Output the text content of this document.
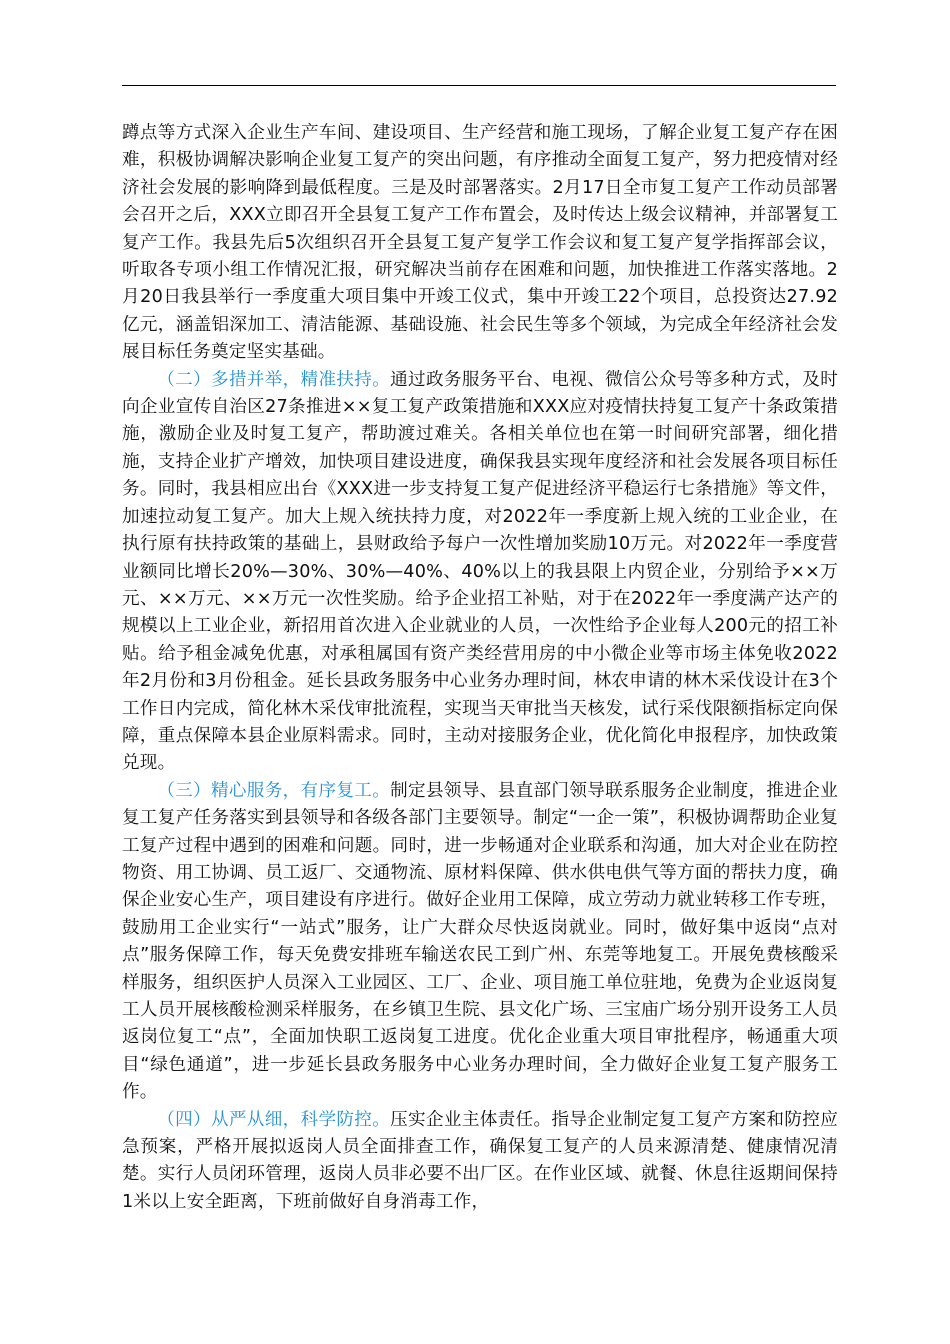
蹲点等方式深入企业生产车间、建设项目、生产经营和施工现场，了解企业复工复产存在困难，积极协调解决影响企业复工复产的突出问题，有序推动全面复工复产，努力把疫情对经济社会发展的影响降到最低程度。三是及时部署落实。2月17日全市复工复产工作动员部署会召开之后，XXX立即召开全县复工复产工作布置会，及时传达上级会议精神，并部署复工复产工作。我县先后5次组织召开全县复工复产复学工作会议和复工复产复学指挥部会议，听取各专项小组工作情况汇报，研究解决当前存在困难和问题，加快推进工作落实落地。2月20日我县举行一季度重大项目集中开竣工仪式，集中开竣工22个项目，总投资达27.92亿元，涵盖铝深加工、清洁能源、基础设施、社会民生等多个领域，为完成全年经济社会发展目标任务奠定坚实基础。

（二）多措并举，精准扶持。通过政务服务平台、电视、微信公众号等多种方式，及时向企业宣传自治区27条推进××复工复产政策措施和XXX应对疫情扶持复工复产十条政策措施，激励企业及时复工复产，帮助渡过难关。各相关单位也在第一时间研究部署，细化措施，支持企业扩产增效，加快项目建设进度，确保我县实现年度经济和社会发展各项目标任务。同时，我县相应出台《XXX进一步支持复工复产促进经济平稳运行七条措施》等文件，加速拉动复工复产。加大上规入统扶持力度，对2022年一季度新上规入统的工业企业，在执行原有扶持政策的基础上，县财政给予每户一次性增加奖励10万元。对2022年一季度营业额同比增长20%—30%、30%—40%、40%以上的我县限上内贸企业，分别给予××万元、××万元、××万元一次性奖励。给予企业招工补贴，对于在2022年一季度满产达产的规模以上工业企业，新招用首次进入企业就业的人员，一次性给予企业每人200元的招工补贴。给予租金减免优惠，对承租属国有资产类经营用房的中小微企业等市场主体免收2022年2月份和3月份租金。延长县政务服务中心业务办理时间，林农申请的林木采伐设计在3个工作日内完成，简化林木采伐审批流程，实现当天审批当天核发，试行采伐限额指标定向保障，重点保障本县企业原料需求。同时，主动对接服务企业，优化简化申报程序，加快政策兑现。

（三）精心服务，有序复工。制定县领导、县直部门领导联系服务企业制度，推进企业复工复产任务落实到县领导和各级各部门主要领导。制定“一企一策”，积极协调帮助企业复工复产过程中遇到的困难和问题。同时，进一步畅通对企业联系和沟通，加大对企业在防控物资、用工协调、员工返厂、交通物流、原材料保障、供水供电供气等方面的帮扶力度，确保企业安心生产，项目建设有序进行。做好企业用工保障，成立劳动力就业转移工作专班，鼓励用工企业实行“一站式”服务，让广大群众尽快返岗就业。同时，做好集中返岗“点对点”服务保障工作，每天免费安排班车输送农民工到广州、东莞等地复工。开展免费核酸采样服务，组织医护人员深入工业园区、工厂、企业、项目施工单位驻地，免费为企业返岗复工人员开展核酸检测采样服务，在乡镇卫生院、县文化广场、三宝庙广场分别开设务工人员返岗位复工“点”，全面加快职工返岗复工进度。优化企业重大项目审批程序，畅通重大项目“绿色通道”，进一步延长县政务服务中心业务办理时间，全力做好企业复工复产服务工作。

（四）从严从细，科学防控。压实企业主体责任。指导企业制定复工复产方案和防控应急预案，严格开展拟返岗人员全面排查工作，确保复工复产的人员来源清楚、健康情况清楚。实行人员闭环管理，返岗人员非必要不出厂区。在作业区域、就餐、休息往返期间保持1米以上安全距离，下班前做好自身消毒工作，
